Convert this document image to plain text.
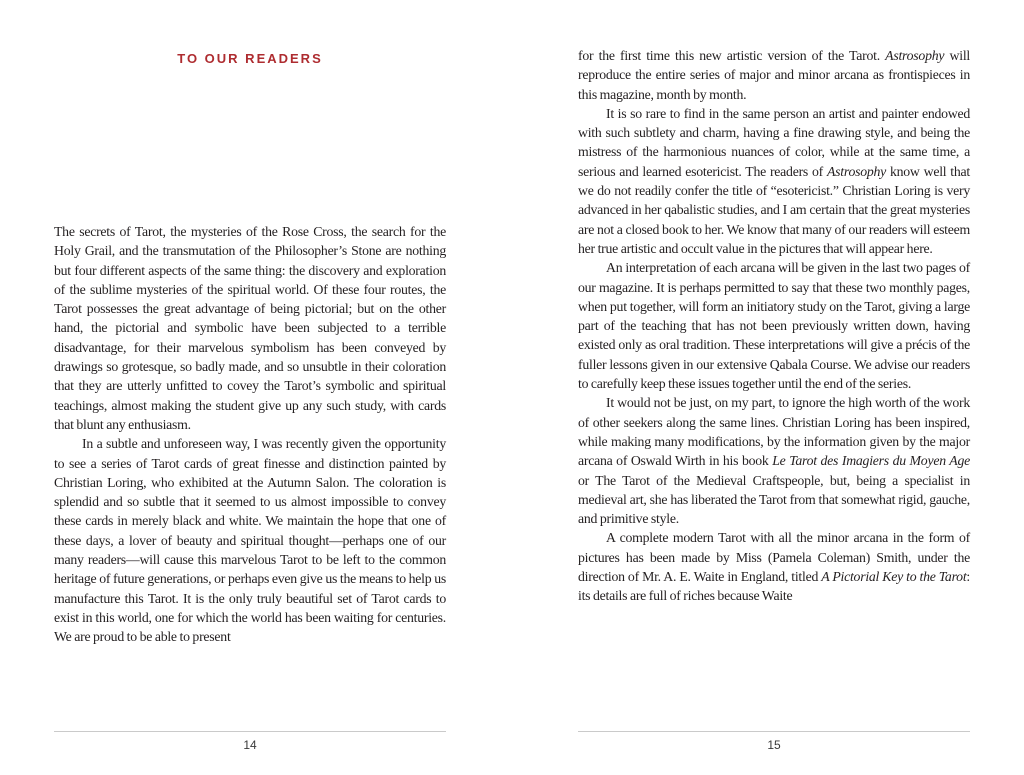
TO OUR READERS

The secrets of Tarot, the mysteries of the Rose Cross, the search for the Holy Grail, and the transmutation of the Philosopher’s Stone are nothing but four different aspects of the same thing: the discovery and exploration of the sublime mysteries of the spiritual world. Of these four routes, the Tarot possesses the great advantage of being pictorial; but on the other hand, the pictorial and symbolic have been subjected to a terrible disadvantage, for their marvelous symbolism has been conveyed by drawings so grotesque, so badly made, and so unsubtle in their coloration that they are utterly unfitted to covey the Tarot’s symbolic and spiritual teachings, almost making the student give up any such study, with cards that blunt any enthusiasm.

In a subtle and unforeseen way, I was recently given the opportunity to see a series of Tarot cards of great finesse and distinction painted by Christian Loring, who exhibited at the Autumn Salon. The coloration is splendid and so subtle that it seemed to us almost impossible to convey these cards in merely black and white. We maintain the hope that one of these days, a lover of beauty and spiritual thought—perhaps one of our many readers—will cause this marvelous Tarot to be left to the common heritage of future generations, or perhaps even give us the means to help us manufacture this Tarot. It is the only truly beautiful set of Tarot cards to exist in this world, one for which the world has been waiting for centuries. We are proud to be able to present

14

for the first time this new artistic version of the Tarot. Astrosophy will reproduce the entire series of major and minor arcana as frontispieces in this magazine, month by month.

It is so rare to find in the same person an artist and painter endowed with such subtlety and charm, having a fine drawing style, and being the mistress of the harmonious nuances of color, while at the same time, a serious and learned esotericist. The readers of Astrosophy know well that we do not readily confer the title of “esotericist.” Christian Loring is very advanced in her qabalistic studies, and I am certain that the great mysteries are not a closed book to her. We know that many of our readers will esteem her true artistic and occult value in the pictures that will appear here.

An interpretation of each arcana will be given in the last two pages of our magazine. It is perhaps permitted to say that these two monthly pages, when put together, will form an initiatory study on the Tarot, giving a large part of the teaching that has not been previously written down, having existed only as oral tradition. These interpretations will give a précis of the fuller lessons given in our extensive Qabala Course. We advise our readers to carefully keep these issues together until the end of the series.

It would not be just, on my part, to ignore the high worth of the work of other seekers along the same lines. Christian Loring has been inspired, while making many modifications, by the information given by the major arcana of Oswald Wirth in his book Le Tarot des Imagiers du Moyen Age or The Tarot of the Medieval Craftspeople, but, being a specialist in medieval art, she has liberated the Tarot from that somewhat rigid, gauche, and primitive style.

A complete modern Tarot with all the minor arcana in the form of pictures has been made by Miss (Pamela Coleman) Smith, under the direction of Mr. A. E. Waite in England, titled A Pictorial Key to the Tarot: its details are full of riches because Waite

15
